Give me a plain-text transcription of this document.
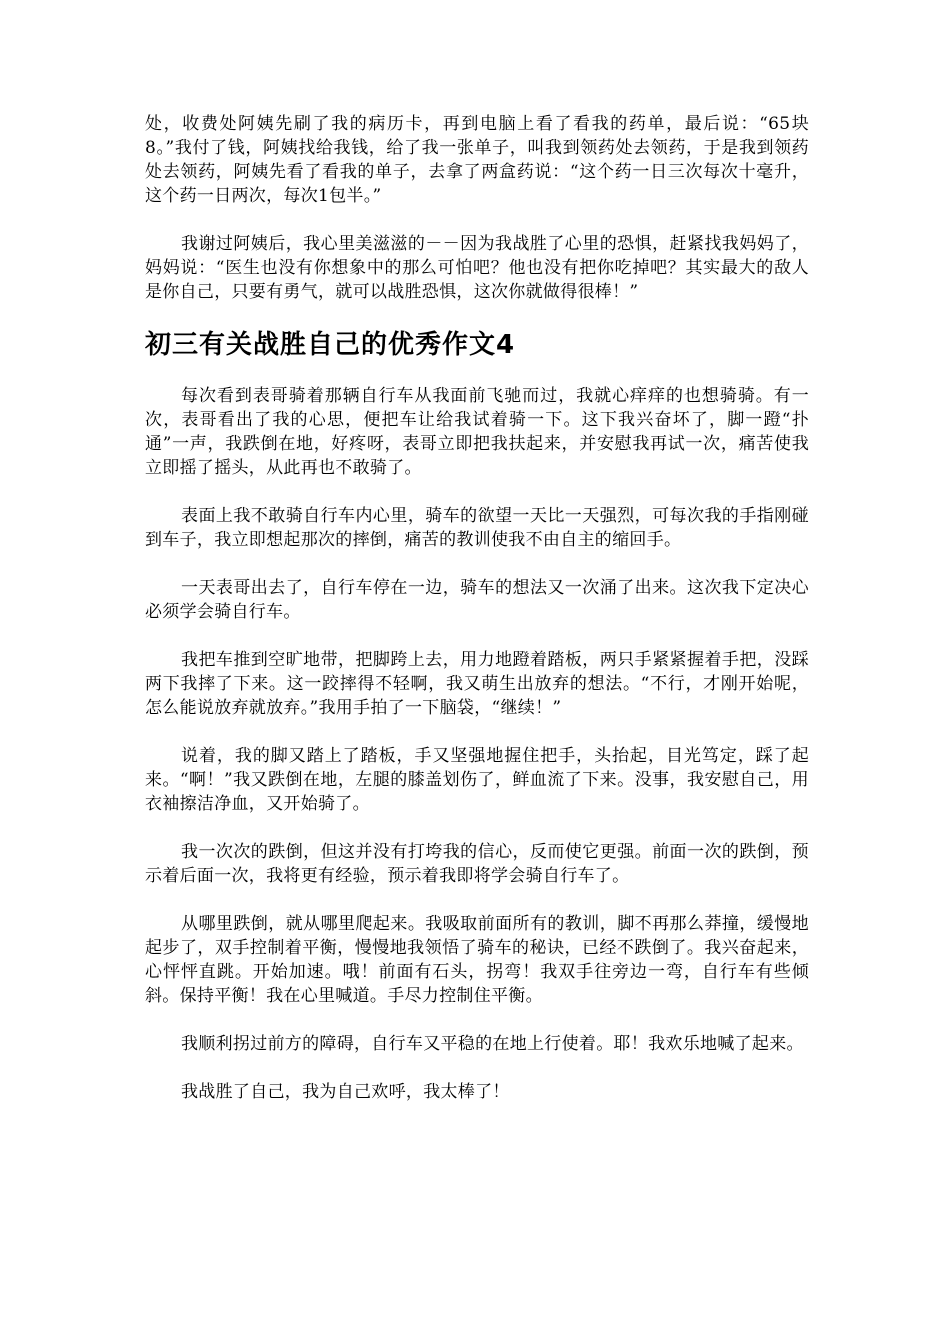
处，收费处阿姨先刷了我的病历卡，再到电脑上看了看我的药单，最后说：“65块8。”我付了钱，阿姨找给我钱，给了我一张单子，叫我到领药处去领药，于是我到领药处去领药，阿姨先看了看我的单子，去拿了两盒药说：“这个药一日三次每次十毫升，这个药一日两次，每次1包半。”

我谢过阿姨后，我心里美滋滋的－－因为我战胜了心里的恐惧，赶紧找我妈妈了，妈妈说：“医生也没有你想象中的那么可怕吧？他也没有把你吃掉吧？其实最大的敌人是你自己，只要有勇气，就可以战胜恐惧，这次你就做得很棒！”

初三有关战胜自己的优秀作文4

每次看到表哥骑着那辆自行车从我面前飞驰而过，我就心痒痒的也想骑骑。有一次，表哥看出了我的心思，便把车让给我试着骑一下。这下我兴奋坏了，脚一蹬“扑通”一声，我跌倒在地，好疼呀，表哥立即把我扶起来，并安慰我再试一次，痛苦使我立即摇了摇头，从此再也不敢骑了。

表面上我不敢骑自行车内心里，骑车的欲望一天比一天强烈，可每次我的手指刚碰到车子，我立即想起那次的摔倒，痛苦的教训使我不由自主的缩回手。

一天表哥出去了，自行车停在一边，骑车的想法又一次涌了出来。这次我下定决心必须学会骑自行车。

我把车推到空旷地带，把脚跨上去，用力地蹬着踏板，两只手紧紧握着手把，没踩两下我摔了下来。这一跤摔得不轻啊，我又萌生出放弃的想法。“不行，才刚开始呢，怎么能说放弃就放弃。”我用手拍了一下脑袋，“继续！”

说着，我的脚又踏上了踏板，手又坚强地握住把手，头抬起，目光笃定，踩了起来。“啊！”我又跌倒在地，左腿的膝盖划伤了，鲜血流了下来。没事，我安慰自己，用衣袖擦洁净血，又开始骑了。

我一次次的跌倒，但这并没有打垮我的信心，反而使它更强。前面一次的跌倒，预示着后面一次，我将更有经验，预示着我即将学会骑自行车了。

从哪里跌倒，就从哪里爬起来。我吸取前面所有的教训，脚不再那么莽撞，缓慢地起步了，双手控制着平衡，慢慢地我领悟了骑车的秘诀，已经不跌倒了。我兴奋起来，心怦怦直跳。开始加速。哦！前面有石头，拐弯！我双手往旁边一弯，自行车有些倾斜。保持平衡！我在心里喊道。手尽力控制住平衡。

我顺利拐过前方的障碍，自行车又平稳的在地上行使着。耶！我欢乐地喊了起来。

我战胜了自己，我为自己欢呼，我太棒了！
